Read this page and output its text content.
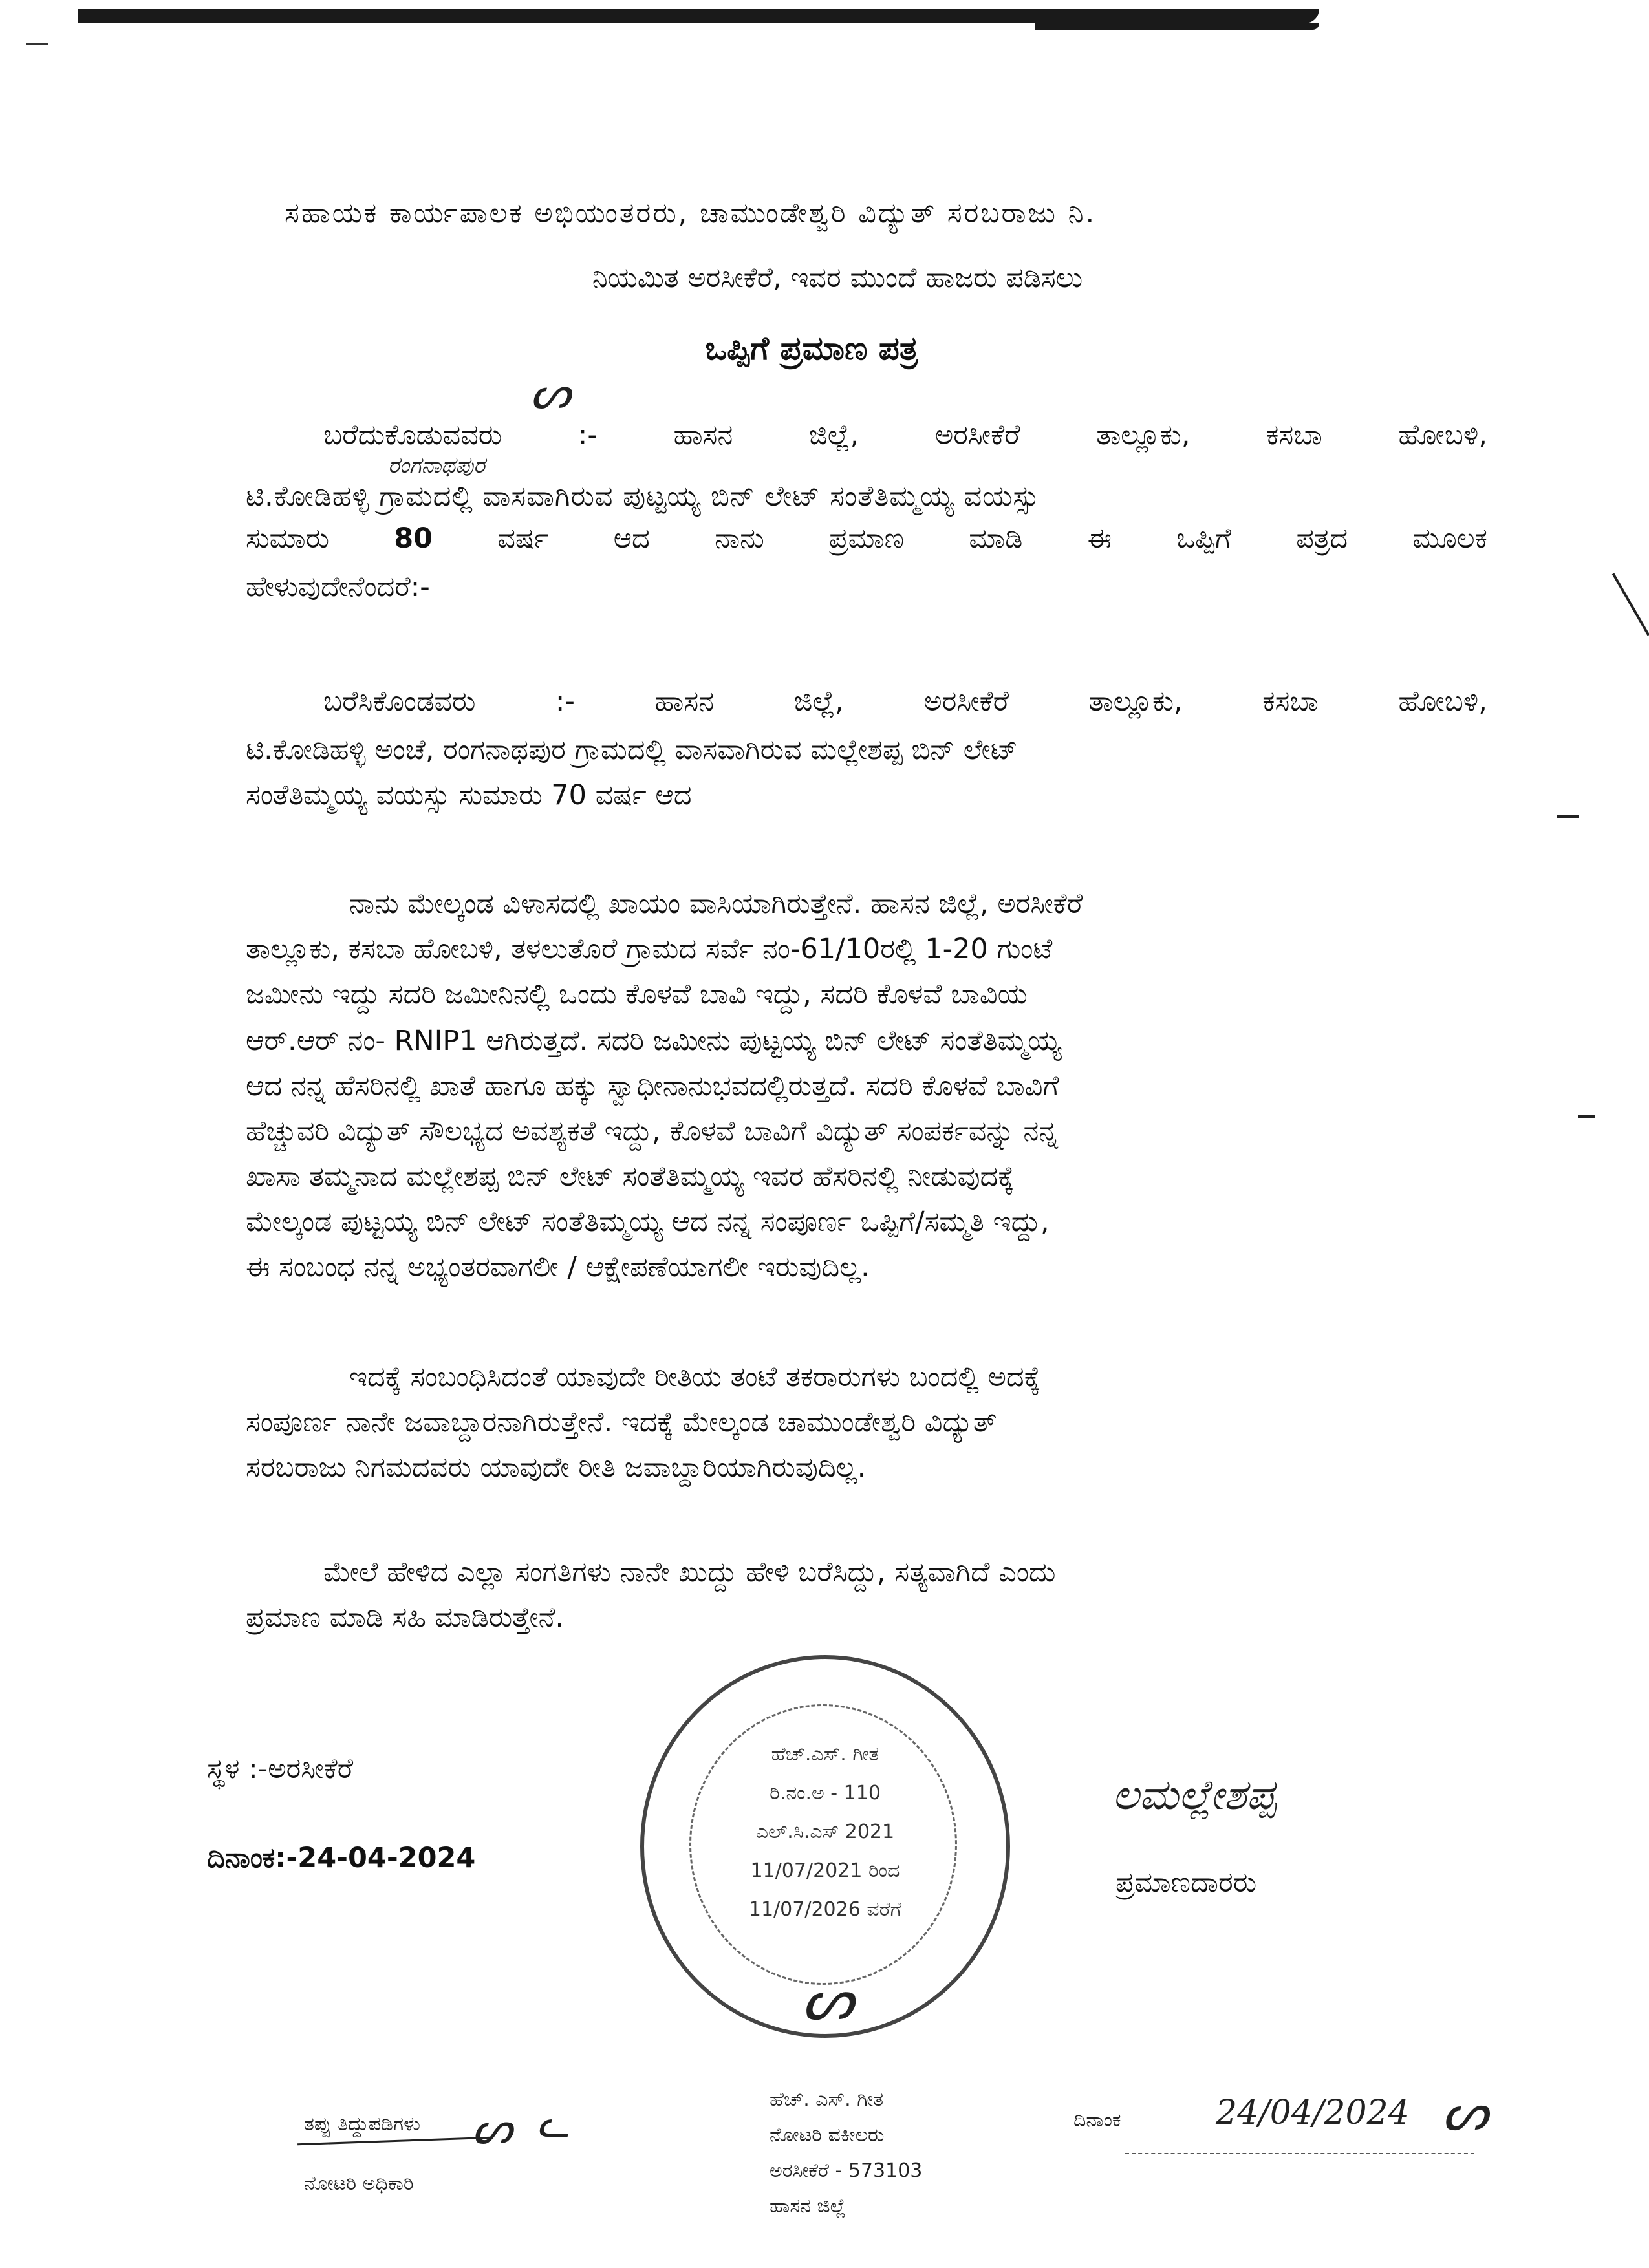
ಸಹಾಯಕ ಕಾರ್ಯಪಾಲಕ ಅಭಿಯಂತರರು, ಚಾಮುಂಡೇಶ್ವರಿ ವಿದ್ಯುತ್ ಸರಬರಾಜು ನಿ.
ನಿಯಮಿತ ಅರಸೀಕೆರೆ, ಇವರ ಮುಂದೆ ಹಾಜರು ಪಡಿಸಲು
ಒಪ್ಪಿಗೆ ಪ್ರಮಾಣ ಪತ್ರ
ಬರೆದುಕೊಡುವವರು	:-	ಹಾಸನ	ಜಿಲ್ಲೆ,	ಅರಸೀಕೆರೆ	ತಾಲ್ಲೂಕು,	ಕಸಬಾ	ಹೋಬಳಿ,
ᔕ
ರಂಗನಾಥಪುರ
ಟಿ.ಕೋಡಿಹಳ್ಳಿ ಗ್ರಾಮದಲ್ಲಿ ವಾಸವಾಗಿರುವ ಪುಟ್ಟಯ್ಯ ಬಿನ್ ಲೇಟ್ ಸಂತೆತಿಮ್ಮಯ್ಯ ವಯಸ್ಸು
ಸುಮಾರು 80 ವರ್ಷ ಆದ ನಾನು ಪ್ರಮಾಣ ಮಾಡಿ ಈ ಒಪ್ಪಿಗೆ ಪತ್ರದ ಮೂಲಕ
ಹೇಳುವುದೇನೆಂದರೆ:-
ಬರೆಸಿಕೊಂಡವರು	:-	ಹಾಸನ	ಜಿಲ್ಲೆ,	ಅರಸೀಕೆರೆ	ತಾಲ್ಲೂಕು,	ಕಸಬಾ	ಹೋಬಳಿ,
ಟಿ.ಕೋಡಿಹಳ್ಳಿ ಅಂಚೆ, ರಂಗನಾಥಪುರ ಗ್ರಾಮದಲ್ಲಿ ವಾಸವಾಗಿರುವ ಮಲ್ಲೇಶಪ್ಪ ಬಿನ್ ಲೇಟ್
ಸಂತೆತಿಮ್ಮಯ್ಯ ವಯಸ್ಸು ಸುಮಾರು 70 ವರ್ಷ ಆದ
ನಾನು ಮೇಲ್ಕಂಡ ವಿಳಾಸದಲ್ಲಿ ಖಾಯಂ ವಾಸಿಯಾಗಿರುತ್ತೇನೆ. ಹಾಸನ ಜಿಲ್ಲೆ, ಅರಸೀಕೆರೆ
ತಾಲ್ಲೂಕು, ಕಸಬಾ ಹೋಬಳಿ, ತಳಲುತೊರೆ ಗ್ರಾಮದ ಸರ್ವೆ ನಂ-61/10ರಲ್ಲಿ 1-20 ಗುಂಟೆ
ಜಮೀನು ಇದ್ದು ಸದರಿ ಜಮೀನಿನಲ್ಲಿ ಒಂದು ಕೊಳವೆ ಬಾವಿ ಇದ್ದು, ಸದರಿ ಕೊಳವೆ ಬಾವಿಯ
ಆರ್.ಆರ್ ನಂ- RNIP1 ಆಗಿರುತ್ತದೆ. ಸದರಿ ಜಮೀನು ಪುಟ್ಟಯ್ಯ ಬಿನ್ ಲೇಟ್ ಸಂತೆತಿಮ್ಮಯ್ಯ
ಆದ ನನ್ನ ಹೆಸರಿನಲ್ಲಿ ಖಾತೆ ಹಾಗೂ ಹಕ್ಕು ಸ್ವಾಧೀನಾನುಭವದಲ್ಲಿರುತ್ತದೆ. ಸದರಿ ಕೊಳವೆ ಬಾವಿಗೆ
ಹೆಚ್ಚುವರಿ ವಿದ್ಯುತ್ ಸೌಲಭ್ಯದ ಅವಶ್ಯಕತೆ ಇದ್ದು, ಕೊಳವೆ ಬಾವಿಗೆ ವಿದ್ಯುತ್ ಸಂಪರ್ಕವನ್ನು ನನ್ನ
ಖಾಸಾ ತಮ್ಮನಾದ ಮಲ್ಲೇಶಪ್ಪ ಬಿನ್ ಲೇಟ್ ಸಂತೆತಿಮ್ಮಯ್ಯ ಇವರ ಹೆಸರಿನಲ್ಲಿ ನೀಡುವುದಕ್ಕೆ
ಮೇಲ್ಕಂಡ ಪುಟ್ಟಯ್ಯ ಬಿನ್ ಲೇಟ್ ಸಂತೆತಿಮ್ಮಯ್ಯ ಆದ ನನ್ನ ಸಂಪೂರ್ಣ ಒಪ್ಪಿಗೆ/ಸಮ್ಮತಿ ಇದ್ದು,
ಈ ಸಂಬಂಧ ನನ್ನ ಅಭ್ಯಂತರವಾಗಲೀ / ಆಕ್ಷೇಪಣೆಯಾಗಲೀ ಇರುವುದಿಲ್ಲ.
ಇದಕ್ಕೆ ಸಂಬಂಧಿಸಿದಂತೆ ಯಾವುದೇ ರೀತಿಯ ತಂಟೆ ತಕರಾರುಗಳು ಬಂದಲ್ಲಿ ಅದಕ್ಕೆ
ಸಂಪೂರ್ಣ ನಾನೇ ಜವಾಬ್ದಾರನಾಗಿರುತ್ತೇನೆ. ಇದಕ್ಕೆ ಮೇಲ್ಕಂಡ ಚಾಮುಂಡೇಶ್ವರಿ ವಿದ್ಯುತ್
ಸರಬರಾಜು ನಿಗಮದವರು ಯಾವುದೇ ರೀತಿ ಜವಾಬ್ದಾರಿಯಾಗಿರುವುದಿಲ್ಲ.
ಮೇಲೆ ಹೇಳಿದ ಎಲ್ಲಾ ಸಂಗತಿಗಳು ನಾನೇ ಖುದ್ದು ಹೇಳಿ ಬರೆಸಿದ್ದು, ಸತ್ಯವಾಗಿದೆ ಎಂದು
ಪ್ರಮಾಣ ಮಾಡಿ ಸಹಿ ಮಾಡಿರುತ್ತೇನೆ.
ಸ್ಥಳ :-ಅರಸೀಕೆರೆ
ದಿನಾಂಕ:-24-04-2024
ಲಮಲ್ಲೇಶಪ್ಪ
ಪ್ರಮಾಣದಾರರು
ಹೆಚ್.ಎಸ್. ಗೀತ
ರಿ.ನಂ.ಅ - 110
ಎಲ್.ಸಿ.ಎಸ್ 2021
11/07/2021 ರಿಂದ
11/07/2026 ವರೆಗೆ
ᔕ
ತಪ್ಪು ತಿದ್ದುಪಡಿಗಳು ᔕ ᓚ
ನೋಟರಿ ಅಧಿಕಾರಿ
ಹೆಚ್. ಎಸ್. ಗೀತ
ನೋಟರಿ ವಕೀಲರು
ಅರಸೀಕೆರೆ - 573103
ಹಾಸನ ಜಿಲ್ಲೆ
ದಿನಾಂಕ	24/04/2024 ᔕ
